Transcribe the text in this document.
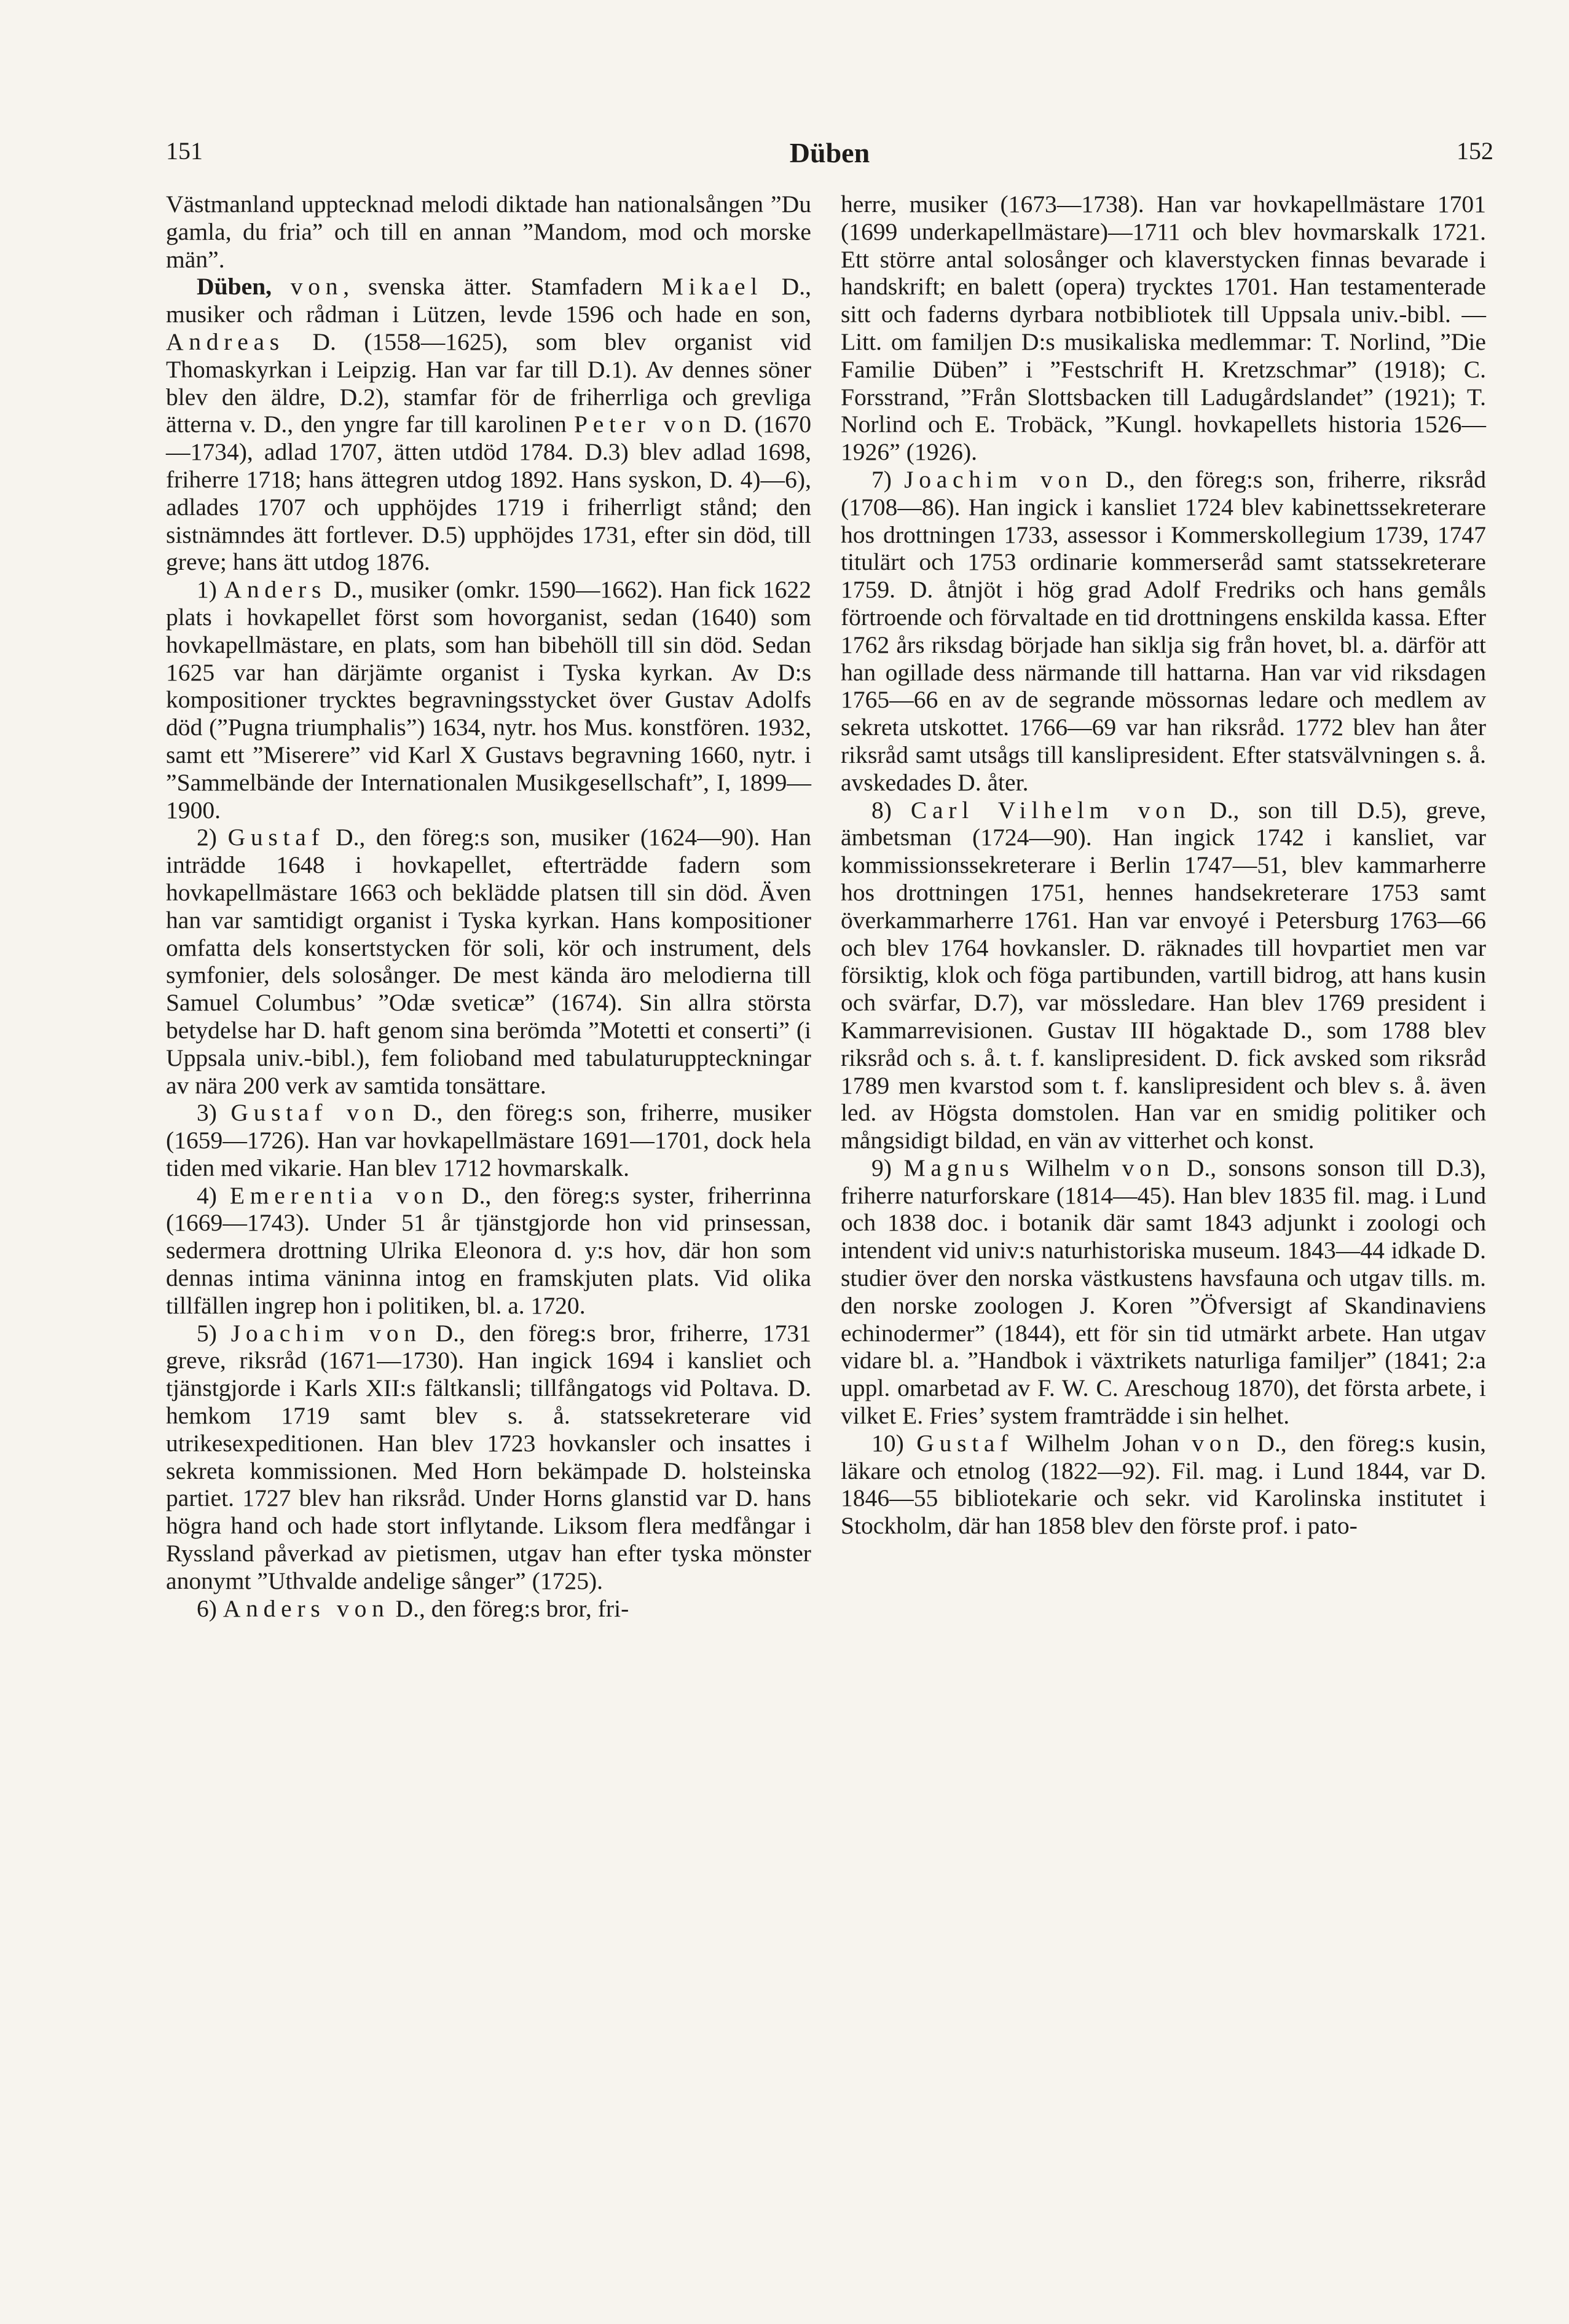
151	Düben	152

Västmanland upptecknad melodi diktade han nationalsången ”Du gamla, du fria” och till en annan ”Mandom, mod och morske män”.

Düben, von, svenska ätter. Stamfadern Mikael D., musiker och rådman i Lützen, levde 1596 och hade en son, Andreas D. (1558—1625), som blev organist vid Thomaskyrkan i Leipzig. Han var far till D.1). Av dennes söner blev den äldre, D.2), stamfar för de friherrliga och grevliga ätterna v. D., den yngre far till karolinen Peter von D. (1670—1734), adlad 1707, ätten utdöd 1784. D.3) blev adlad 1698, friherre 1718; hans ättegren utdog 1892. Hans syskon, D. 4)—6), adlades 1707 och upphöjdes 1719 i friherrligt stånd; den sistnämndes ätt fortlever. D.5) upphöjdes 1731, efter sin död, till greve; hans ätt utdog 1876.

1) Anders D., musiker (omkr. 1590—1662). Han fick 1622 plats i hovkapellet först som hovorganist, sedan (1640) som hovkapellmästare, en plats, som han bibehöll till sin död. Sedan 1625 var han därjämte organist i Tyska kyrkan. Av D:s kompositioner trycktes begravningsstycket över Gustav Adolfs död (”Pugna triumphalis”) 1634, nytr. hos Mus. konstfören. 1932, samt ett ”Miserere” vid Karl X Gustavs begravning 1660, nytr. i ”Sammelbände der Internationalen Musikgesellschaft”, I, 1899—1900.

2) Gustaf D., den föreg:s son, musiker (1624—90). Han inträdde 1648 i hovkapellet, efterträdde fadern som hovkapellmästare 1663 och beklädde platsen till sin död. Även han var samtidigt organist i Tyska kyrkan. Hans kompositioner omfatta dels konsertstycken för soli, kör och instrument, dels symfonier, dels solosånger. De mest kända äro melodierna till Samuel Columbus’ ”Odæ sveticæ” (1674). Sin allra största betydelse har D. haft genom sina berömda ”Motetti et conserti” (i Uppsala univ.-bibl.), fem folioband med tabulaturuppteckningar av nära 200 verk av samtida tonsättare.

3) Gustaf von D., den föreg:s son, friherre, musiker (1659—1726). Han var hovkapellmästare 1691—1701, dock hela tiden med vikarie. Han blev 1712 hovmarskalk.

4) Emerentia von D., den föreg:s syster, friherrinna (1669—1743). Under 51 år tjänstgjorde hon vid prinsessan, sedermera drottning Ulrika Eleonora d. y:s hov, där hon som dennas intima väninna intog en framskjuten plats. Vid olika tillfällen ingrep hon i politiken, bl. a. 1720.

5) Joachim von D., den föreg:s bror, friherre, 1731 greve, riksråd (1671—1730). Han ingick 1694 i kansliet och tjänstgjorde i Karls XII:s fältkansli; tillfångatogs vid Poltava. D. hemkom 1719 samt blev s. å. statssekreterare vid utrikesexpeditionen. Han blev 1723 hovkansler och insattes i sekreta kommissionen. Med Horn bekämpade D. holsteinska partiet. 1727 blev han riksråd. Under Horns glanstid var D. hans högra hand och hade stort inflytande. Liksom flera medfångar i Ryssland påverkad av pietismen, utgav han efter tyska mönster anonymt ”Uthvalde andelige sånger” (1725).

6) Anders von D., den föreg:s bror, fri-

herre, musiker (1673—1738). Han var hovkapellmästare 1701 (1699 underkapellmästare)—1711 och blev hovmarskalk 1721. Ett större antal solosånger och klaverstycken finnas bevarade i handskrift; en balett (opera) trycktes 1701. Han testamenterade sitt och faderns dyrbara notbibliotek till Uppsala univ.-bibl. — Litt. om familjen D:s musikaliska medlemmar: T. Norlind, ”Die Familie Düben” i ”Festschrift H. Kretzschmar” (1918); C. Forsstrand, ”Från Slottsbacken till Ladugårdslandet” (1921); T. Norlind och E. Trobäck, ”Kungl. hovkapellets historia 1526—1926” (1926).

7) Joachim von D., den föreg:s son, friherre, riksråd (1708—86). Han ingick i kansliet 1724 blev kabinettssekreterare hos drottningen 1733, assessor i Kommerskollegium 1739, 1747 titulärt och 1753 ordinarie kommerseråd samt statssekreterare 1759. D. åtnjöt i hög grad Adolf Fredriks och hans gemåls förtroende och förvaltade en tid drottningens enskilda kassa. Efter 1762 års riksdag började han siklja sig från hovet, bl. a. därför att han ogillade dess närmande till hattarna. Han var vid riksdagen 1765—66 en av de segrande mössornas ledare och medlem av sekreta utskottet. 1766—69 var han riksråd. 1772 blev han åter riksråd samt utsågs till kanslipresident. Efter statsvälvningen s. å. avskedades D. åter.

8) Carl Vilhelm von D., son till D.5), greve, ämbetsman (1724—90). Han ingick 1742 i kansliet, var kommissionssekreterare i Berlin 1747—51, blev kammarherre hos drottningen 1751, hennes handsekreterare 1753 samt överkammarherre 1761. Han var envoyé i Petersburg 1763—66 och blev 1764 hovkansler. D. räknades till hovpartiet men var försiktig, klok och föga partibunden, vartill bidrog, att hans kusin och svärfar, D.7), var mössledare. Han blev 1769 president i Kammarrevisionen. Gustav III högaktade D., som 1788 blev riksråd och s. å. t. f. kanslipresident. D. fick avsked som riksråd 1789 men kvarstod som t. f. kanslipresident och blev s. å. även led. av Högsta domstolen. Han var en smidig politiker och mångsidigt bildad, en vän av vitterhet och konst.

9) Magnus Wilhelm von D., sonsons sonson till D.3), friherre naturforskare (1814—45). Han blev 1835 fil. mag. i Lund och 1838 doc. i botanik där samt 1843 adjunkt i zoologi och intendent vid univ:s naturhistoriska museum. 1843—44 idkade D. studier över den norska västkustens havsfauna och utgav tills. m. den norske zoologen J. Koren ”Öfversigt af Skandinaviens echinodermer” (1844), ett för sin tid utmärkt arbete. Han utgav vidare bl. a. ”Handbok i växtrikets naturliga familjer” (1841; 2:a uppl. omarbetad av F. W. C. Areschoug 1870), det första arbete, i vilket E. Fries’ system framträdde i sin helhet.

10) Gustaf Wilhelm Johan von D., den föreg:s kusin, läkare och etnolog (1822—92). Fil. mag. i Lund 1844, var D. 1846—55 bibliotekarie och sekr. vid Karolinska institutet i Stockholm, där han 1858 blev den förste prof. i pato-
